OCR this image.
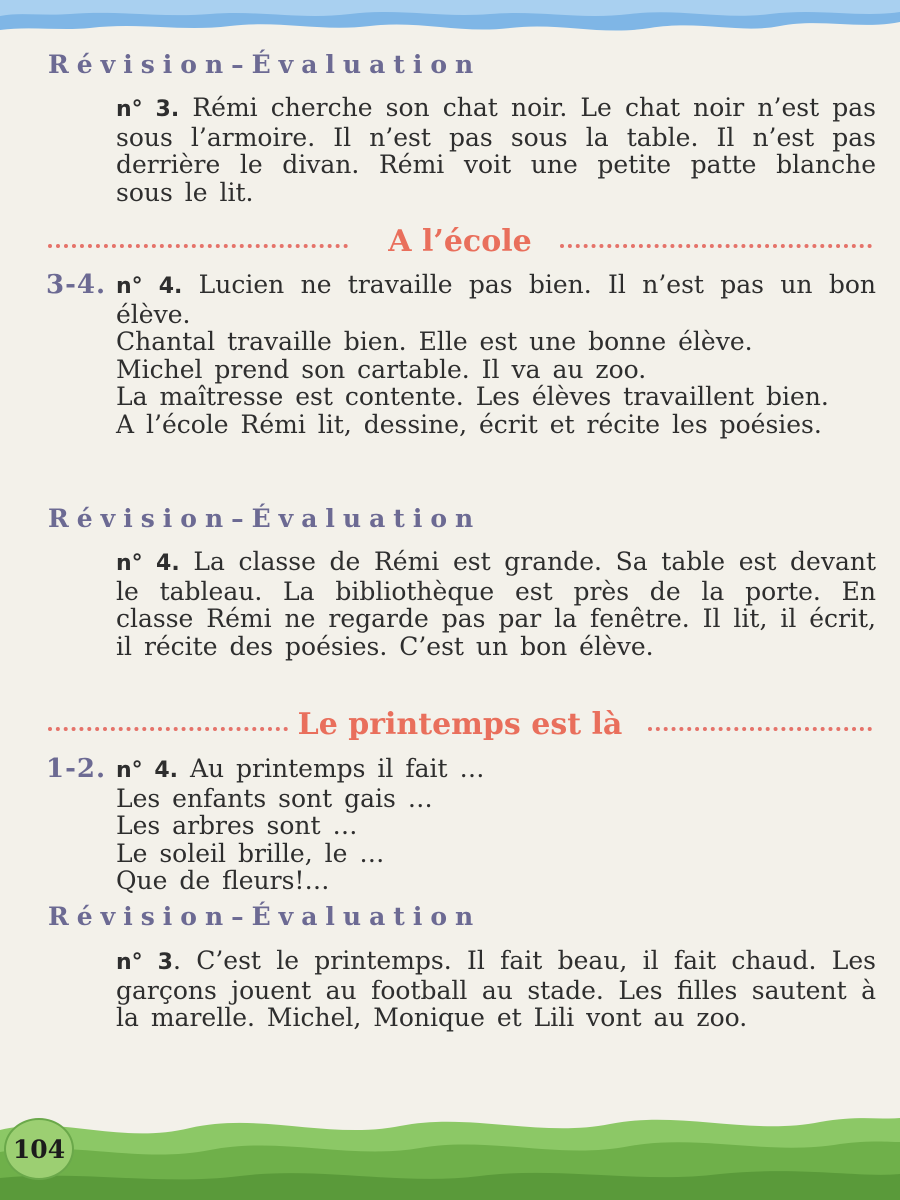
Révision–Évaluation

n° 3. Rémi cherche son chat noir. Le chat noir n’est pas sous l’armoire. Il n’est pas sous la table. Il n’est pas derrière le divan. Rémi voit une petite patte blanche sous le lit.

A l’école
3-4. n° 4. Lucien ne travaille pas bien. Il n’est pas un bon élève.

Chantal travaille bien. Elle est une bonne élève.

Michel prend son cartable. Il va au zoo.

La maîtresse est contente. Les élèves travaillent bien.

A l’école Rémi lit, dessine, écrit et récite les poésies.

Révision–Évaluation

n° 4. La classe de Rémi est grande. Sa table est devant le tableau. La bibliothèque est près de la porte. En classe Rémi ne regarde pas par la fenêtre. Il lit, il écrit, il récite des poésies. C’est un bon élève.

Le printemps est là
1-2. n° 4. Au printemps il fait …

Les enfants sont gais …

Les arbres sont …

Le soleil brille, le …

Que de fleurs!…

Révision–Évaluation

n° 3. C’est le printemps. Il fait beau, il fait chaud. Les garçons jouent au football au stade. Les filles sautent à la marelle. Michel, Monique et Lili vont au zoo.

104
